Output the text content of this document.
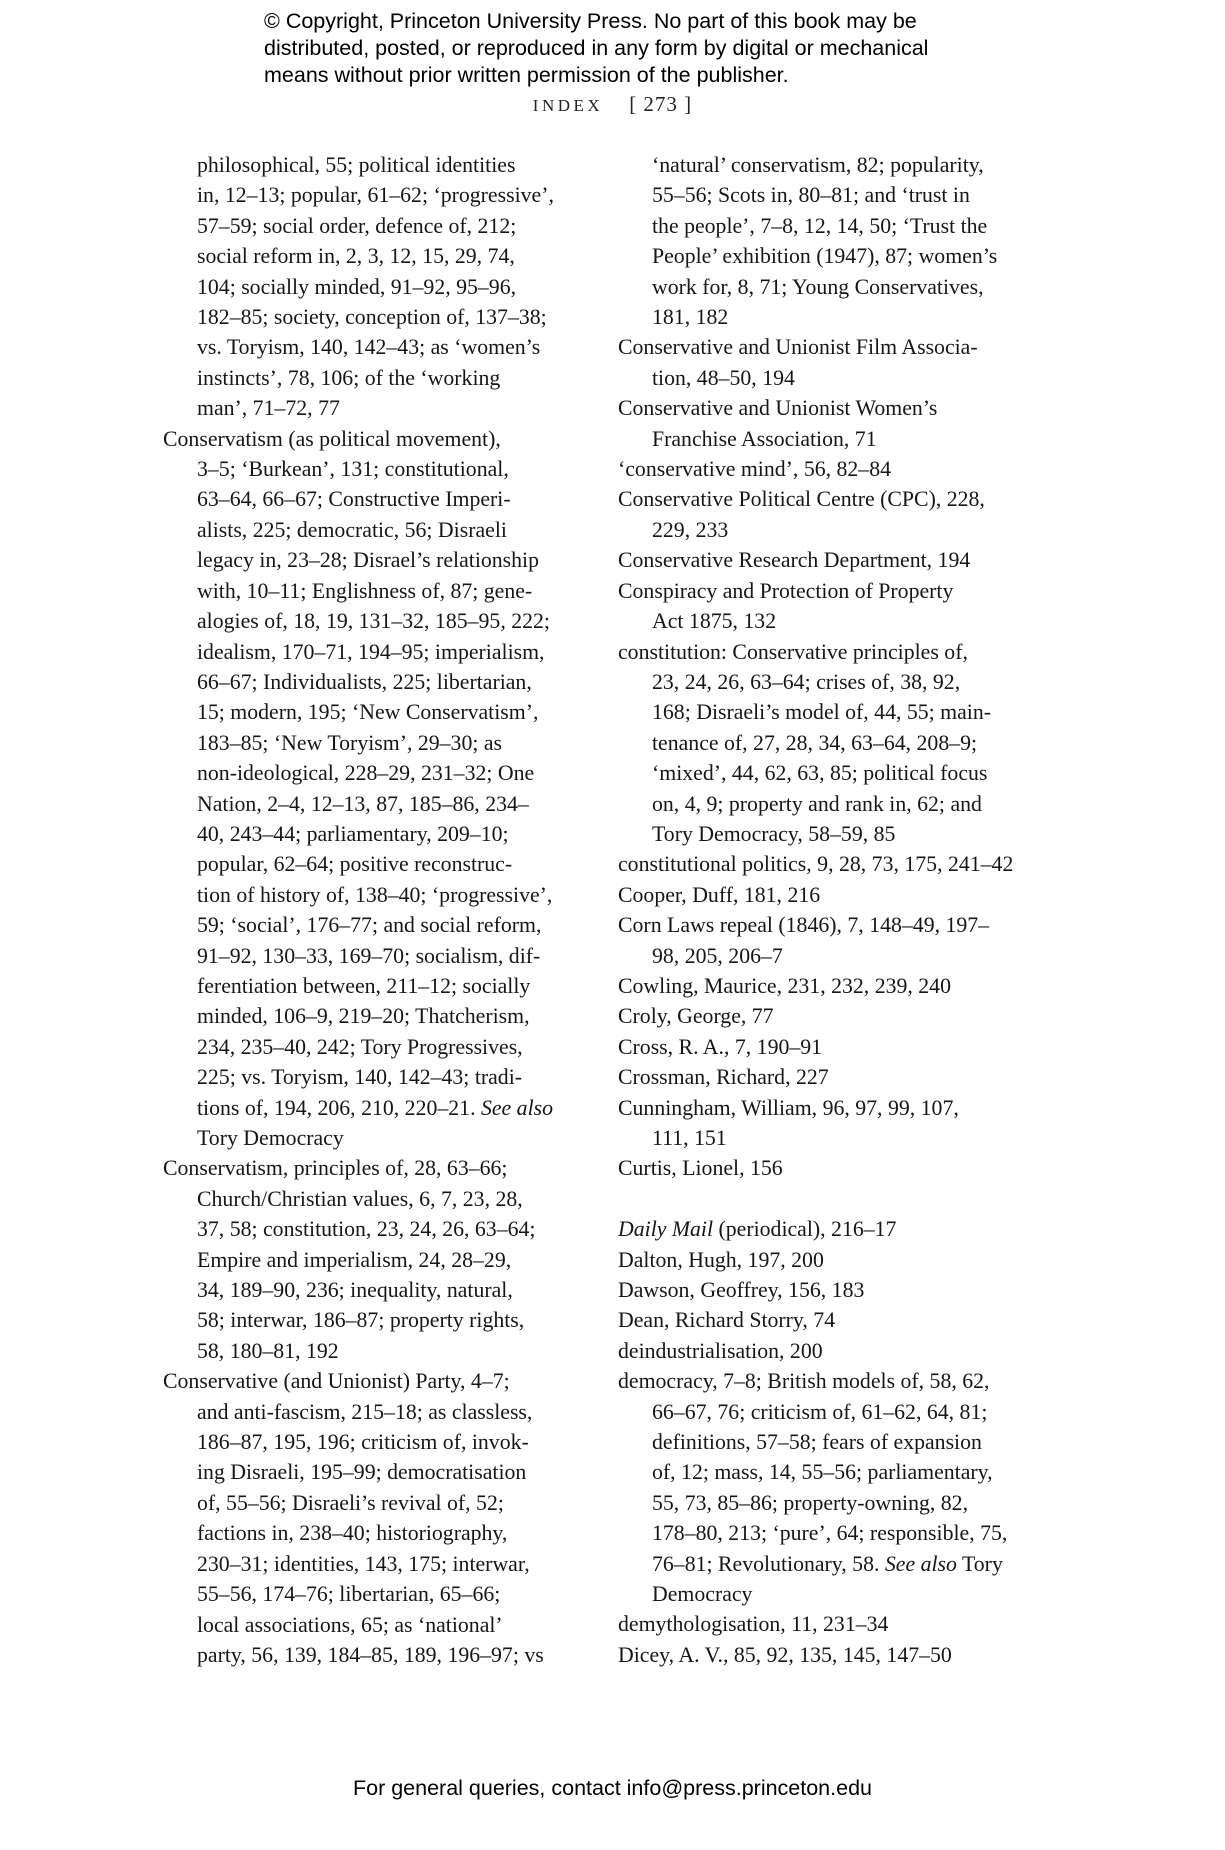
© Copyright, Princeton University Press. No part of this book may be
distributed, posted, or reproduced in any form by digital or mechanical
means without prior written permission of the publisher.
INDEX [ 273 ]
philosophical, 55; political identities
in, 12–13; popular, 61–62; ‘progressive’,
57–59; social order, defence of, 212;
social reform in, 2, 3, 12, 15, 29, 74,
104; socially minded, 91–92, 95–96,
182–85; society, conception of, 137–38;
vs. Toryism, 140, 142–43; as ‘women’s
instincts’, 78, 106; of the ‘working
man’, 71–72, 77
Conservatism (as political movement),
3–5; ‘Burkean’, 131; constitutional,
63–64, 66–67; Constructive Imperi-
alists, 225; democratic, 56; Disraeli
legacy in, 23–28; Disrael’s relationship
with, 10–11; Englishness of, 87; gene-
alogies of, 18, 19, 131–32, 185–95, 222;
idealism, 170–71, 194–95; imperialism,
66–67; Individualists, 225; libertarian,
15; modern, 195; ‘New Conservatism’,
183–85; ‘New Toryism’, 29–30; as
non-ideological, 228–29, 231–32; One
Nation, 2–4, 12–13, 87, 185–86, 234–
40, 243–44; parliamentary, 209–10;
popular, 62–64; positive reconstruc-
tion of history of, 138–40; ‘progressive’,
59; ‘social’, 176–77; and social reform,
91–92, 130–33, 169–70; socialism, dif-
ferentiation between, 211–12; socially
minded, 106–9, 219–20; Thatcherism,
234, 235–40, 242; Tory Progressives,
225; vs. Toryism, 140, 142–43; tradi-
tions of, 194, 206, 210, 220–21. See also
Tory Democracy
Conservatism, principles of, 28, 63–66;
Church/Christian values, 6, 7, 23, 28,
37, 58; constitution, 23, 24, 26, 63–64;
Empire and imperialism, 24, 28–29,
34, 189–90, 236; inequality, natural,
58; interwar, 186–87; property rights,
58, 180–81, 192
Conservative (and Unionist) Party, 4–7;
and anti-fascism, 215–18; as classless,
186–87, 195, 196; criticism of, invok-
ing Disraeli, 195–99; democratisation
of, 55–56; Disraeli’s revival of, 52;
factions in, 238–40; historiography,
230–31; identities, 143, 175; interwar,
55–56, 174–76; libertarian, 65–66;
local associations, 65; as ‘national’
party, 56, 139, 184–85, 189, 196–97; vs
‘natural’ conservatism, 82; popularity,
55–56; Scots in, 80–81; and ‘trust in
the people’, 7–8, 12, 14, 50; ‘Trust the
People’ exhibition (1947), 87; women’s
work for, 8, 71; Young Conservatives,
181, 182
Conservative and Unionist Film Associa-
tion, 48–50, 194
Conservative and Unionist Women’s
Franchise Association, 71
‘conservative mind’, 56, 82–84
Conservative Political Centre (CPC), 228,
229, 233
Conservative Research Department, 194
Conspiracy and Protection of Property
Act 1875, 132
constitution: Conservative principles of,
23, 24, 26, 63–64; crises of, 38, 92,
168; Disraeli’s model of, 44, 55; main-
tenance of, 27, 28, 34, 63–64, 208–9;
‘mixed’, 44, 62, 63, 85; political focus
on, 4, 9; property and rank in, 62; and
Tory Democracy, 58–59, 85
constitutional politics, 9, 28, 73, 175, 241–42
Cooper, Duff, 181, 216
Corn Laws repeal (1846), 7, 148–49, 197–
98, 205, 206–7
Cowling, Maurice, 231, 232, 239, 240
Croly, George, 77
Cross, R. A., 7, 190–91
Crossman, Richard, 227
Cunningham, William, 96, 97, 99, 107,
111, 151
Curtis, Lionel, 156
Daily Mail (periodical), 216–17
Dalton, Hugh, 197, 200
Dawson, Geoffrey, 156, 183
Dean, Richard Storry, 74
deindustrialisation, 200
democracy, 7–8; British models of, 58, 62,
66–67, 76; criticism of, 61–62, 64, 81;
definitions, 57–58; fears of expansion
of, 12; mass, 14, 55–56; parliamentary,
55, 73, 85–86; property-owning, 82,
178–80, 213; ‘pure’, 64; responsible, 75,
76–81; Revolutionary, 58. See also Tory
Democracy
demythologisation, 11, 231–34
Dicey, A. V., 85, 92, 135, 145, 147–50
For general queries, contact info@press.princeton.edu
